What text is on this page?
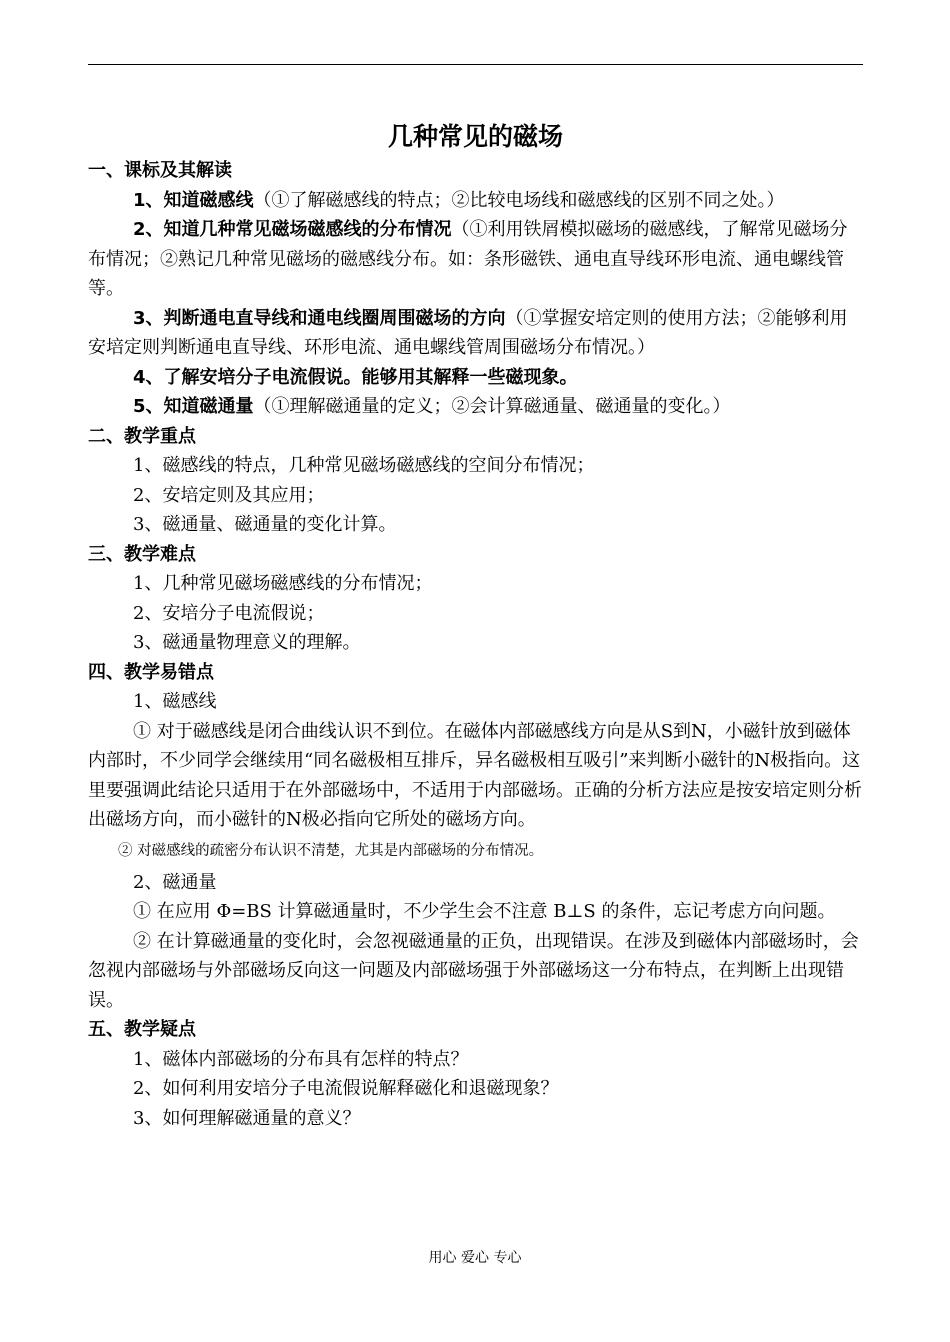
几种常见的磁场
一、课标及其解读

1、知道磁感线（①了解磁感线的特点；②比较电场线和磁感线的区别不同之处。）

2、知道几种常见磁场磁感线的分布情况（①利用铁屑模拟磁场的磁感线，了解常见磁场分布情况；②熟记几种常见磁场的磁感线分布。如：条形磁铁、通电直导线环形电流、通电螺线管等。

3、判断通电直导线和通电线圈周围磁场的方向（①掌握安培定则的使用方法；②能够利用安培定则判断通电直导线、环形电流、通电螺线管周围磁场分布情况。）

4、了解安培分子电流假说。能够用其解释一些磁现象。

5、知道磁通量（①理解磁通量的定义；②会计算磁通量、磁通量的变化。）

二、教学重点

1、磁感线的特点，几种常见磁场磁感线的空间分布情况；

2、安培定则及其应用；

3、磁通量、磁通量的变化计算。

三、教学难点

1、几种常见磁场磁感线的分布情况；

2、安培分子电流假说；

3、磁通量物理意义的理解。

四、教学易错点

1、磁感线

① 对于磁感线是闭合曲线认识不到位。在磁体内部磁感线方向是从S到N，小磁针放到磁体内部时，不少同学会继续用“同名磁极相互排斥，异名磁极相互吸引”来判断小磁针的N极指向。这里要强调此结论只适用于在外部磁场中，不适用于内部磁场。正确的分析方法应是按安培定则分析出磁场方向，而小磁针的N极必指向它所处的磁场方向。

② 对磁感线的疏密分布认识不清楚，尤其是内部磁场的分布情况。

2、磁通量

① 在应用 Φ=BS 计算磁通量时，不少学生会不注意 B⊥S 的条件，忘记考虑方向问题。

② 在计算磁通量的变化时，会忽视磁通量的正负，出现错误。在涉及到磁体内部磁场时，会忽视内部磁场与外部磁场反向这一问题及内部磁场强于外部磁场这一分布特点，在判断上出现错误。

五、教学疑点

1、磁体内部磁场的分布具有怎样的特点？

2、如何利用安培分子电流假说解释磁化和退磁现象？

3、如何理解磁通量的意义？

用心 爱心 专心
